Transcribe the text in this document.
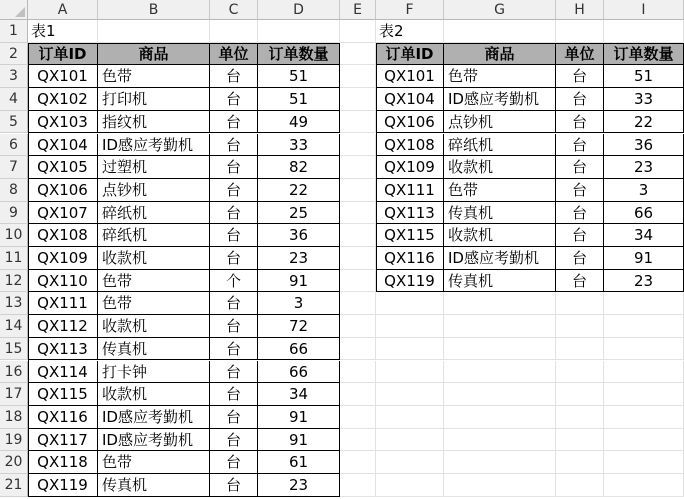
A	B	C	D	E	F	G	H	I
1
2
3
4
5
6
7
8
9
10
11
12
13
14
15
16
17
18
19
20
21
表1	表2
订单ID	商品	单位	订单数量
QX101 色带	台	51
QX102 打印机	台	51
QX103 指纹机	台	49
QX104 ID感应考勤机	台	33
QX105 过塑机	台	82
QX106 点钞机	台	22
QX107 碎纸机	台	25
QX108 碎纸机	台	36
QX109 收款机	台	23
QX110 色带	个	91
QX111 色带	台	3
QX112 收款机	台	72
QX113 传真机	台	66
QX114 打卡钟	台	66
QX115 收款机	台	34
QX116 ID感应考勤机	台	91
QX117 ID感应考勤机	台	91
QX118 色带	台	61
QX119 传真机	台	23
订单ID	商品	单位	订单数量
QX101 色带	台	51
QX104 ID感应考勤机	台	33
QX106 点钞机	台	22
QX108 碎纸机	台	36
QX109 收款机	台	23
QX111 色带	台	3
QX113 传真机	台	66
QX115 收款机	台	34
QX116 ID感应考勤机	台	91
QX119 传真机	台	23
